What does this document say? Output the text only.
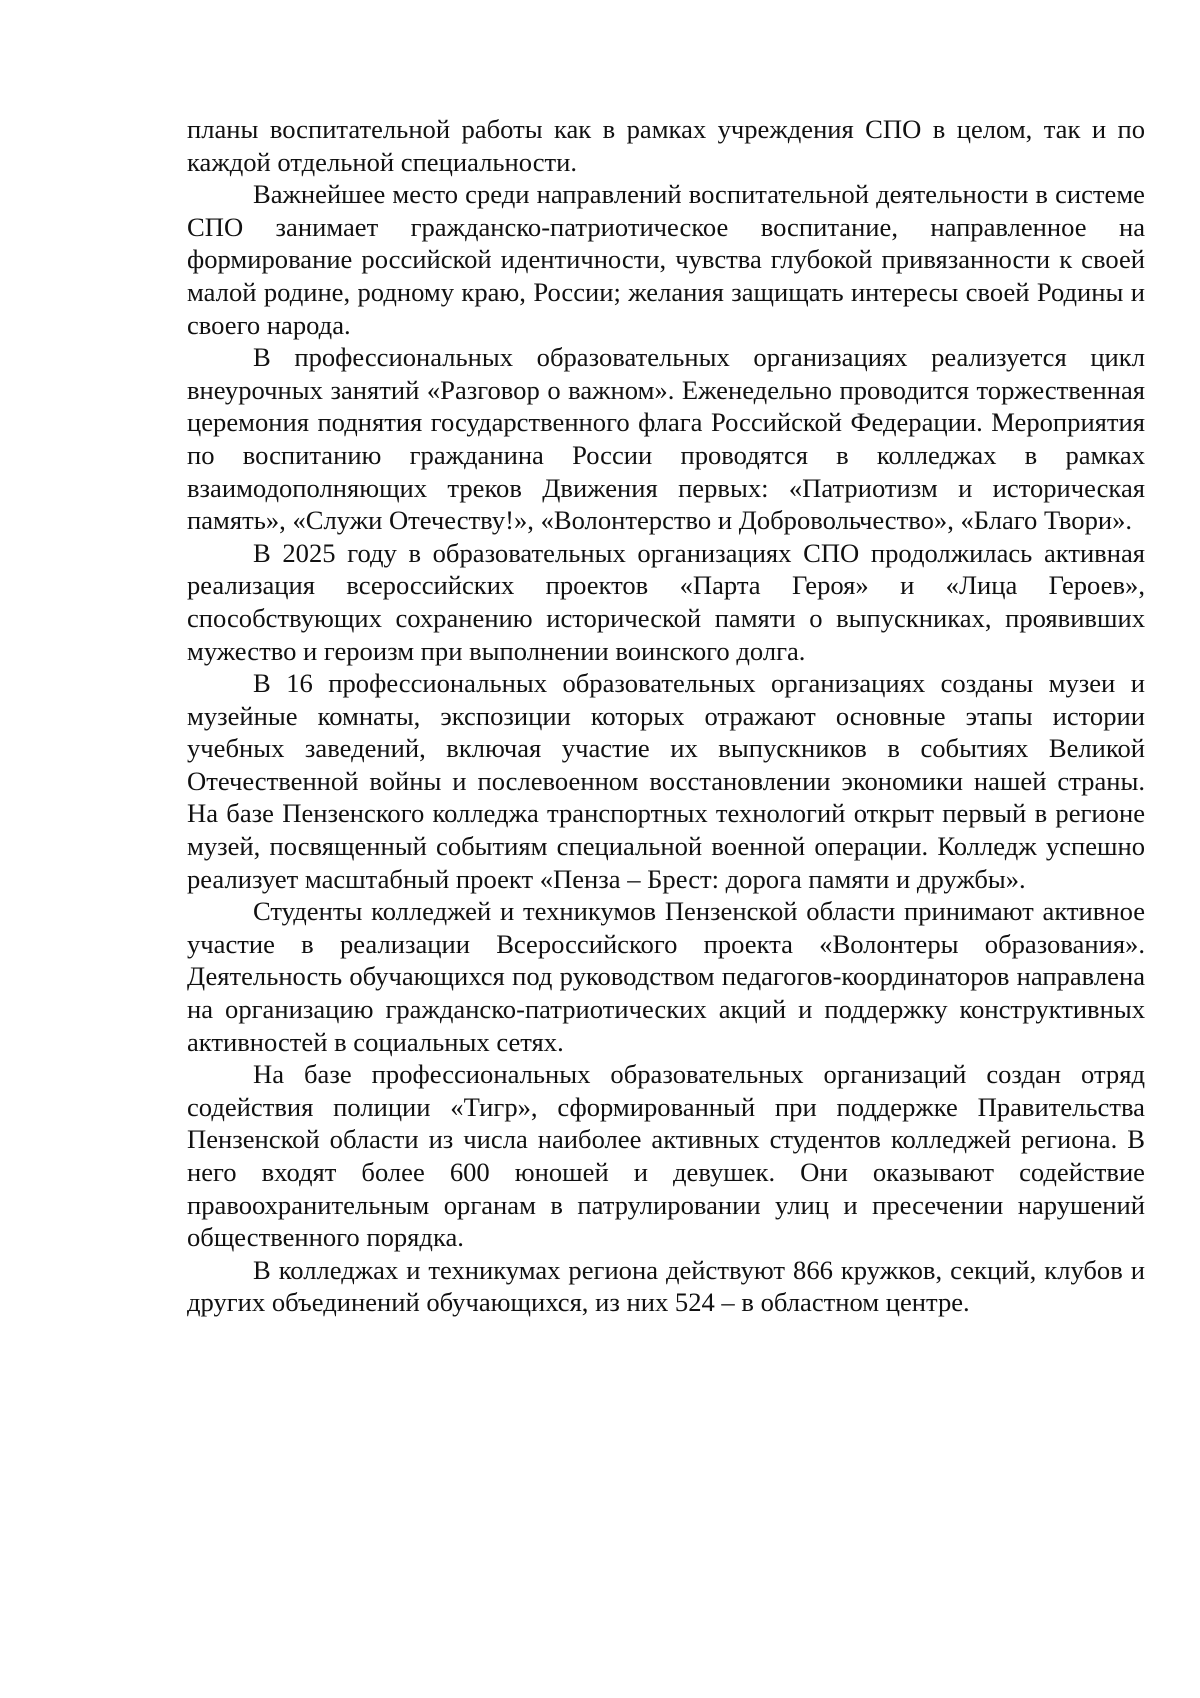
планы воспитательной работы как в рамках учреждения СПО в целом, так и по каждой отдельной специальности.

Важнейшее место среди направлений воспитательной деятельности в системе СПО занимает гражданско-патриотическое воспитание, направленное на формирование российской идентичности, чувства глубокой привязанности к своей малой родине, родному краю, России; желания защищать интересы своей Родины и своего народа.

В профессиональных образовательных организациях реализуется цикл внеурочных занятий «Разговор о важном». Еженедельно проводится торжественная церемония поднятия государственного флага Российской Федерации. Мероприятия по воспитанию гражданина России проводятся в колледжах в рамках взаимодополняющих треков Движения первых: «Патриотизм и историческая память», «Служи Отечеству!», «Волонтерство и Добровольчество», «Благо Твори».

В 2025 году в образовательных организациях СПО продолжилась активная реализация всероссийских проектов «Парта Героя» и «Лица Героев», способствующих сохранению исторической памяти о выпускниках, проявивших мужество и героизм при выполнении воинского долга.

В 16 профессиональных образовательных организациях созданы музеи и музейные комнаты, экспозиции которых отражают основные этапы истории учебных заведений, включая участие их выпускников в событиях Великой Отечественной войны и послевоенном восстановлении экономики нашей страны. На базе Пензенского колледжа транспортных технологий открыт первый в регионе музей, посвященный событиям специальной военной операции. Колледж успешно реализует масштабный проект «Пенза – Брест: дорога памяти и дружбы».

Студенты колледжей и техникумов Пензенской области принимают активное участие в реализации Всероссийского проекта «Волонтеры образования». Деятельность обучающихся под руководством педагогов-координаторов направлена на организацию гражданско-патриотических акций и поддержку конструктивных активностей в социальных сетях.

На базе профессиональных образовательных организаций создан отряд содействия полиции «Тигр», сформированный при поддержке Правительства Пензенской области из числа наиболее активных студентов колледжей региона. В него входят более 600 юношей и девушек. Они оказывают содействие правоохранительным органам в патрулировании улиц и пресечении нарушений общественного порядка.

В колледжах и техникумах региона действуют 866 кружков, секций, клубов и других объединений обучающихся, из них 524 – в областном центре.
